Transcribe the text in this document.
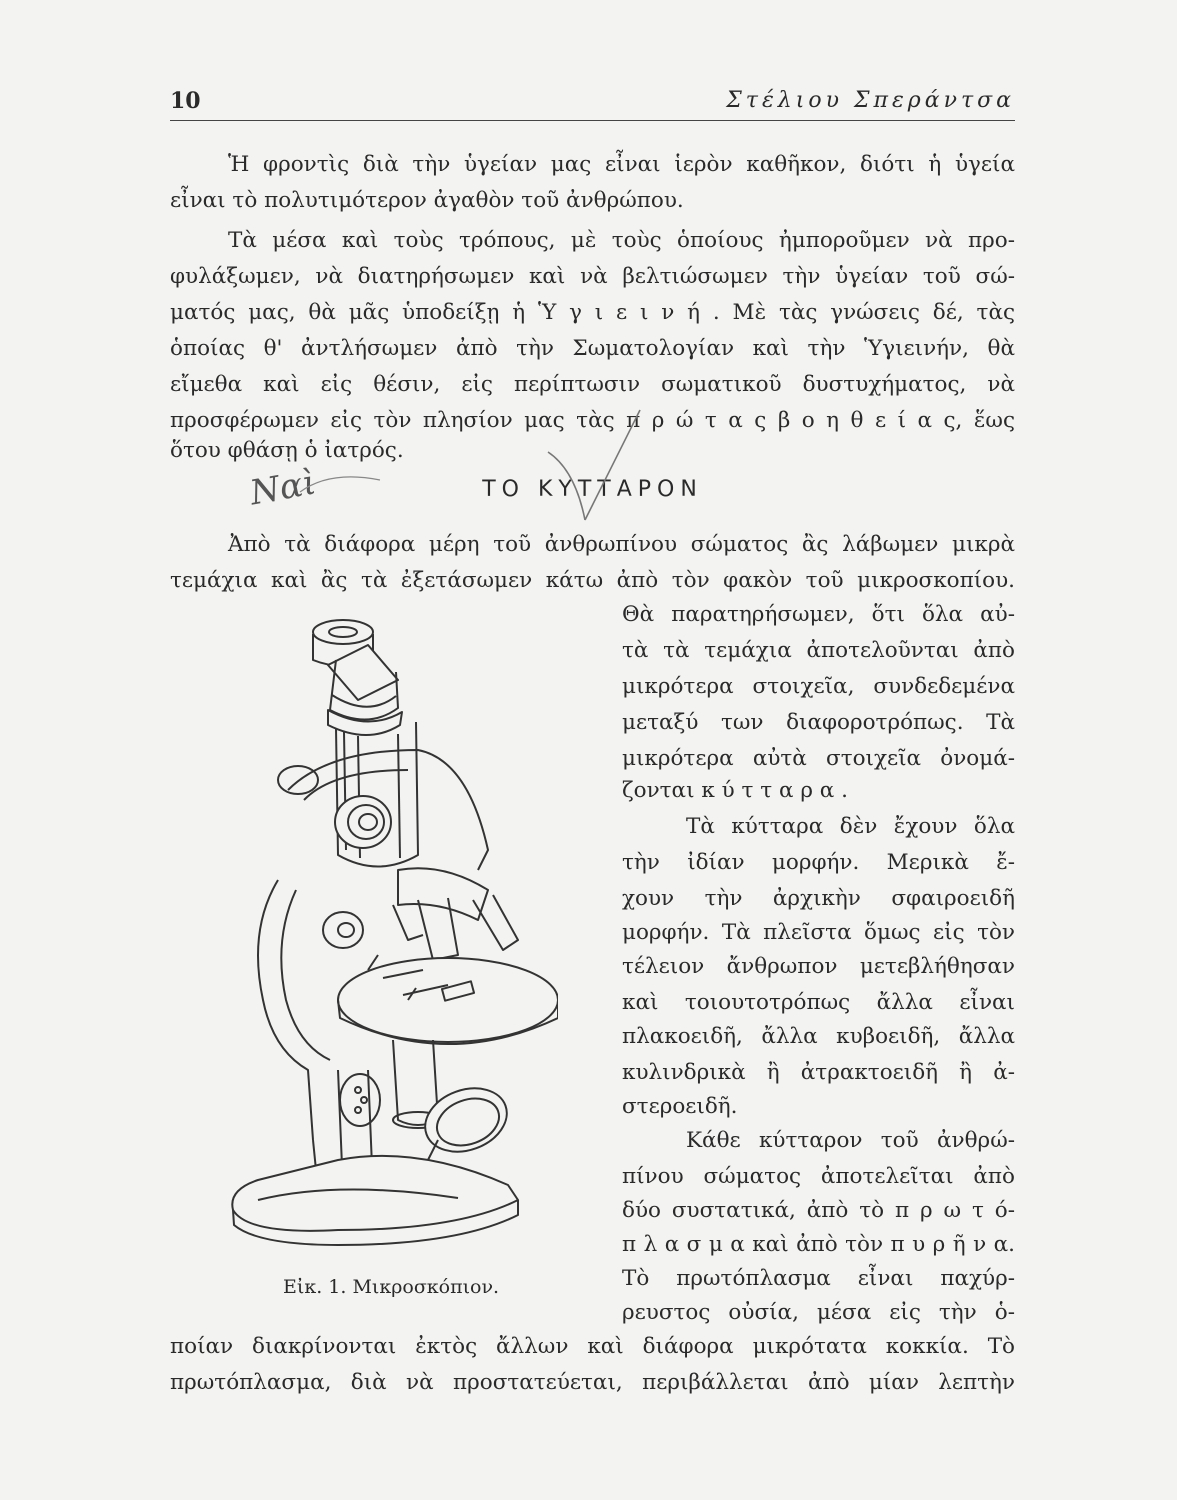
10	Στέλιου Σπεράντσα
Ἡ φροντὶς διὰ τὴν ὑγείαν μας εἶναι ἱερὸν καθῆκον, διότι ἡ ὑγεία
εἶναι τὸ πολυτιμότερον ἀγαθὸν τοῦ ἀνθρώπου.
Τὰ μέσα καὶ τοὺς τρόπους, μὲ τοὺς ὁποίους ἠμποροῦμεν νὰ προ-
φυλάξωμεν, νὰ διατηρήσωμεν καὶ νὰ βελτιώσωμεν τὴν ὑγείαν τοῦ σώ-
ματός μας, θὰ μᾶς ὑποδείξῃ ἡ Ὑ γ ι ε ι ν ή . Μὲ τὰς γνώσεις δέ, τὰς
ὁποίας θ' ἀντλήσωμεν ἀπὸ τὴν Σωματολογίαν καὶ τὴν Ὑγιεινήν, θὰ
εἴμεθα καὶ εἰς θέσιν, εἰς περίπτωσιν σωματικοῦ δυστυχήματος, νὰ
προσφέρωμεν εἰς τὸν πλησίον μας τὰς π ρ ώ τ α ς β ο η θ ε ί α ς, ἕως
ὅτου φθάσῃ ὁ ἰατρός.
Ναὶ	ΤΟ ΚΥΤΤΑΡΟΝ
Ἀπὸ τὰ διάφορα μέρη τοῦ ἀνθρωπίνου σώματος ἂς λάβωμεν μικρὰ
τεμάχια καὶ ἂς τὰ ἐξετάσωμεν κάτω ἀπὸ τὸν φακὸν τοῦ μικροσκοπίου.
Θὰ παρατηρήσωμεν, ὅτι ὅλα αὐ-
τὰ τὰ τεμάχια ἀποτελοῦνται ἀπὸ
μικρότερα στοιχεῖα, συνδεδεμένα
μεταξύ των διαφοροτρόπως. Τὰ
μικρότερα αὐτὰ στοιχεῖα ὀνομά-
ζονται κ ύ τ τ α ρ α .
Τὰ κύτταρα δὲν ἔχουν ὅλα
τὴν ἰδίαν μορφήν. Μερικὰ ἔ-
χουν τὴν ἀρχικὴν σφαιροειδῆ
μορφήν. Τὰ πλεῖστα ὅμως εἰς τὸν
τέλειον ἄνθρωπον μετεβλήθησαν
καὶ τοιουτοτρόπως ἄλλα εἶναι
πλακοειδῆ, ἄλλα κυβοειδῆ, ἄλλα
κυλινδρικὰ ἢ ἀτρακτοειδῆ ἢ ἀ-
στεροειδῆ.
Κάθε κύτταρον τοῦ ἀνθρώ-
πίνου σώματος ἀποτελεῖται ἀπὸ
δύο συστατικά, ἀπὸ τὸ π ρ ω τ ό-
π λ α σ μ α καὶ ἀπὸ τὸν π υ ρ ῆ ν α.
Τὸ πρωτόπλασμα εἶναι παχύρ-
ρευστος οὐσία, μέσα εἰς τὴν ὁ-
ποίαν διακρίνονται ἐκτὸς ἄλλων καὶ διάφορα μικρότατα κοκκία. Τὸ
πρωτόπλασμα, διὰ νὰ προστατεύεται, περιβάλλεται ἀπὸ μίαν λεπτὴν
Εἰκ. 1. Μικροσκόπιον.
